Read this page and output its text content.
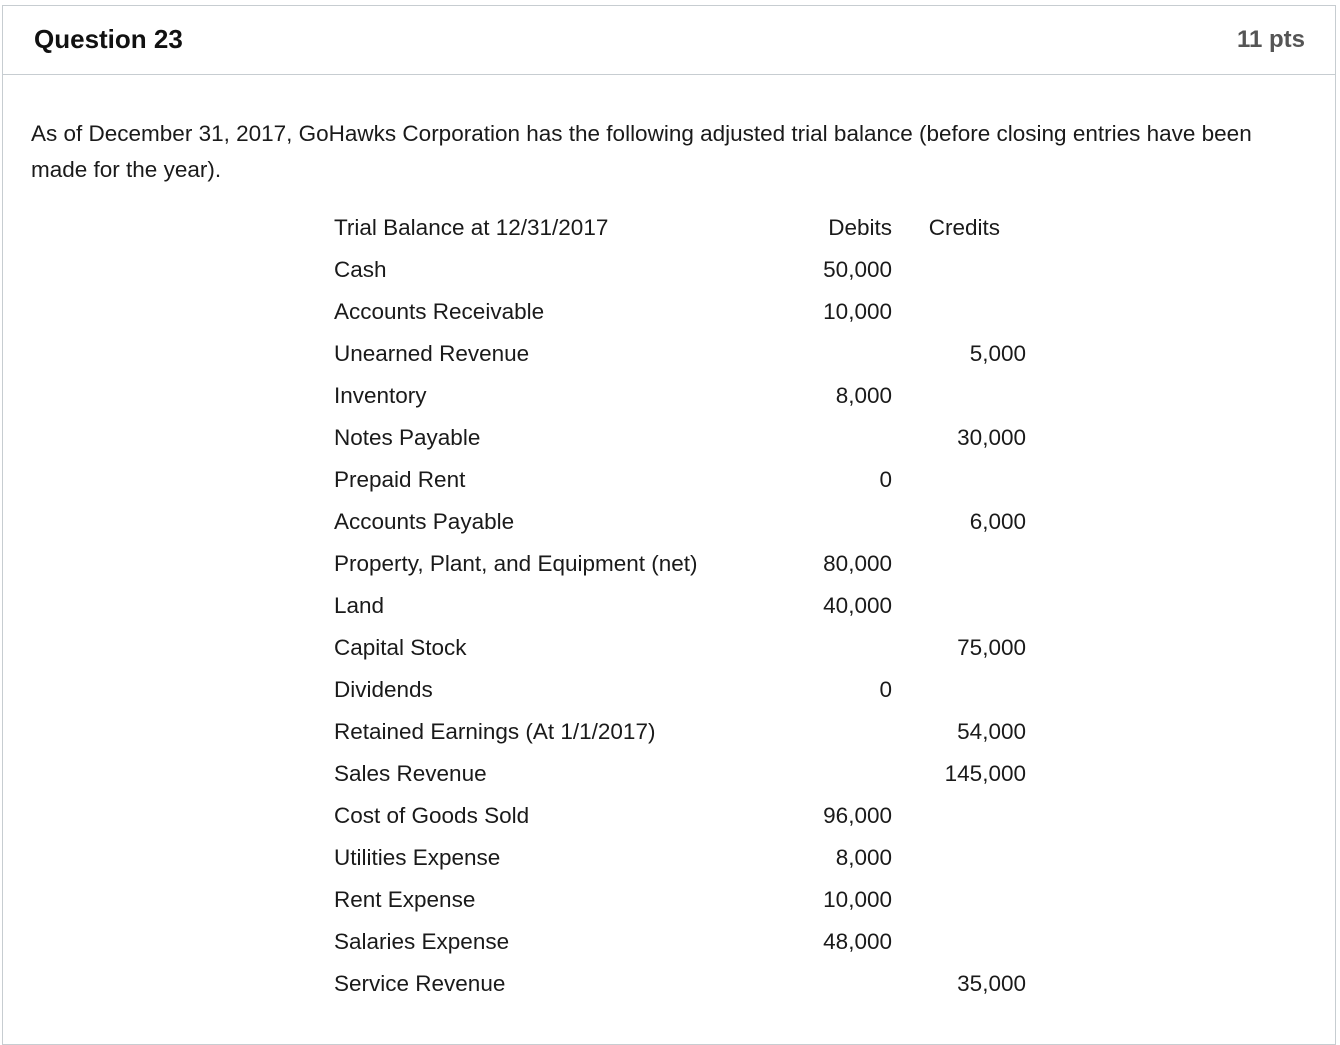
Question 23	11 pts
As of December 31, 2017, GoHawks Corporation has the following adjusted trial balance (before closing entries have been made for the year).
Trial Balance at 12/31/2017	Debits	Credits
Cash	50,000	
Accounts Receivable	10,000	
Unearned Revenue		5,000
Inventory	8,000	
Notes Payable		30,000
Prepaid Rent	0	
Accounts Payable		6,000
Property, Plant, and Equipment (net)	80,000	
Land	40,000	
Capital Stock		75,000
Dividends	0	
Retained Earnings (At 1/1/2017)		54,000
Sales Revenue		145,000
Cost of Goods Sold	96,000	
Utilities Expense	8,000	
Rent Expense	10,000	
Salaries Expense	48,000	
Service Revenue		35,000
